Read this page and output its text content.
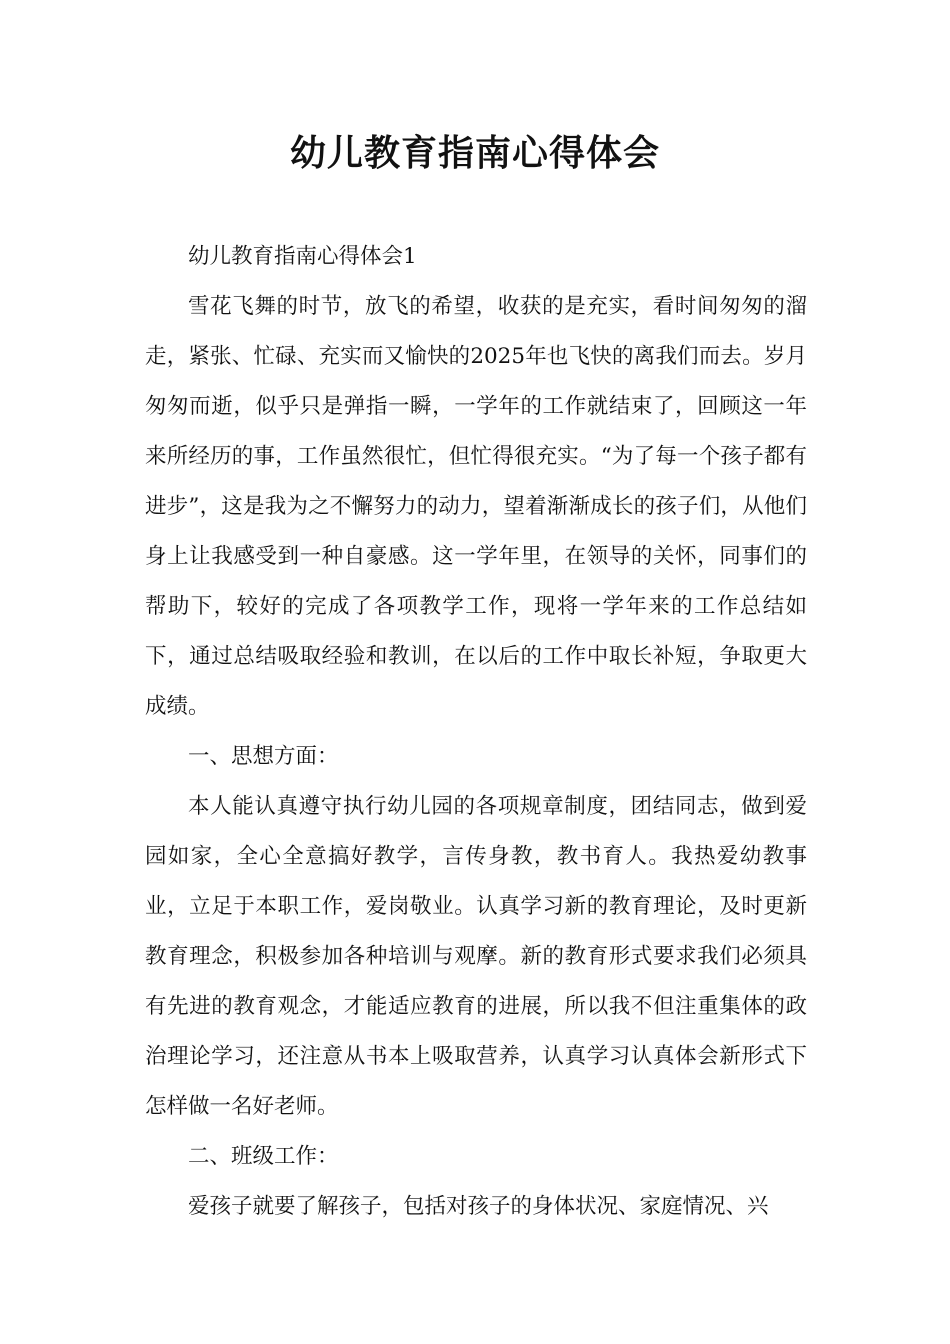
幼儿教育指南心得体会

幼儿教育指南心得体会1

雪花飞舞的时节，放飞的希望，收获的是充实，看时间匆匆的溜走，紧张、忙碌、充实而又愉快的2025年也飞快的离我们而去。岁月匆匆而逝，似乎只是弹指一瞬，一学年的工作就结束了，回顾这一年来所经历的事，工作虽然很忙，但忙得很充实。“为了每一个孩子都有进步”，这是我为之不懈努力的动力，望着渐渐成长的孩子们，从他们身上让我感受到一种自豪感。这一学年里，在领导的关怀，同事们的帮助下，较好的完成了各项教学工作，现将一学年来的工作总结如下，通过总结吸取经验和教训，在以后的工作中取长补短，争取更大成绩。

一、思想方面：

本人能认真遵守执行幼儿园的各项规章制度，团结同志，做到爱园如家，全心全意搞好教学，言传身教，教书育人。我热爱幼教事业，立足于本职工作，爱岗敬业。认真学习新的教育理论，及时更新教育理念，积极参加各种培训与观摩。新的教育形式要求我们必须具有先进的教育观念，才能适应教育的进展，所以我不但注重集体的政治理论学习，还注意从书本上吸取营养，认真学习认真体会新形式下怎样做一名好老师。

二、班级工作：

爱孩子就要了解孩子，包括对孩子的身体状况、家庭情况、兴
